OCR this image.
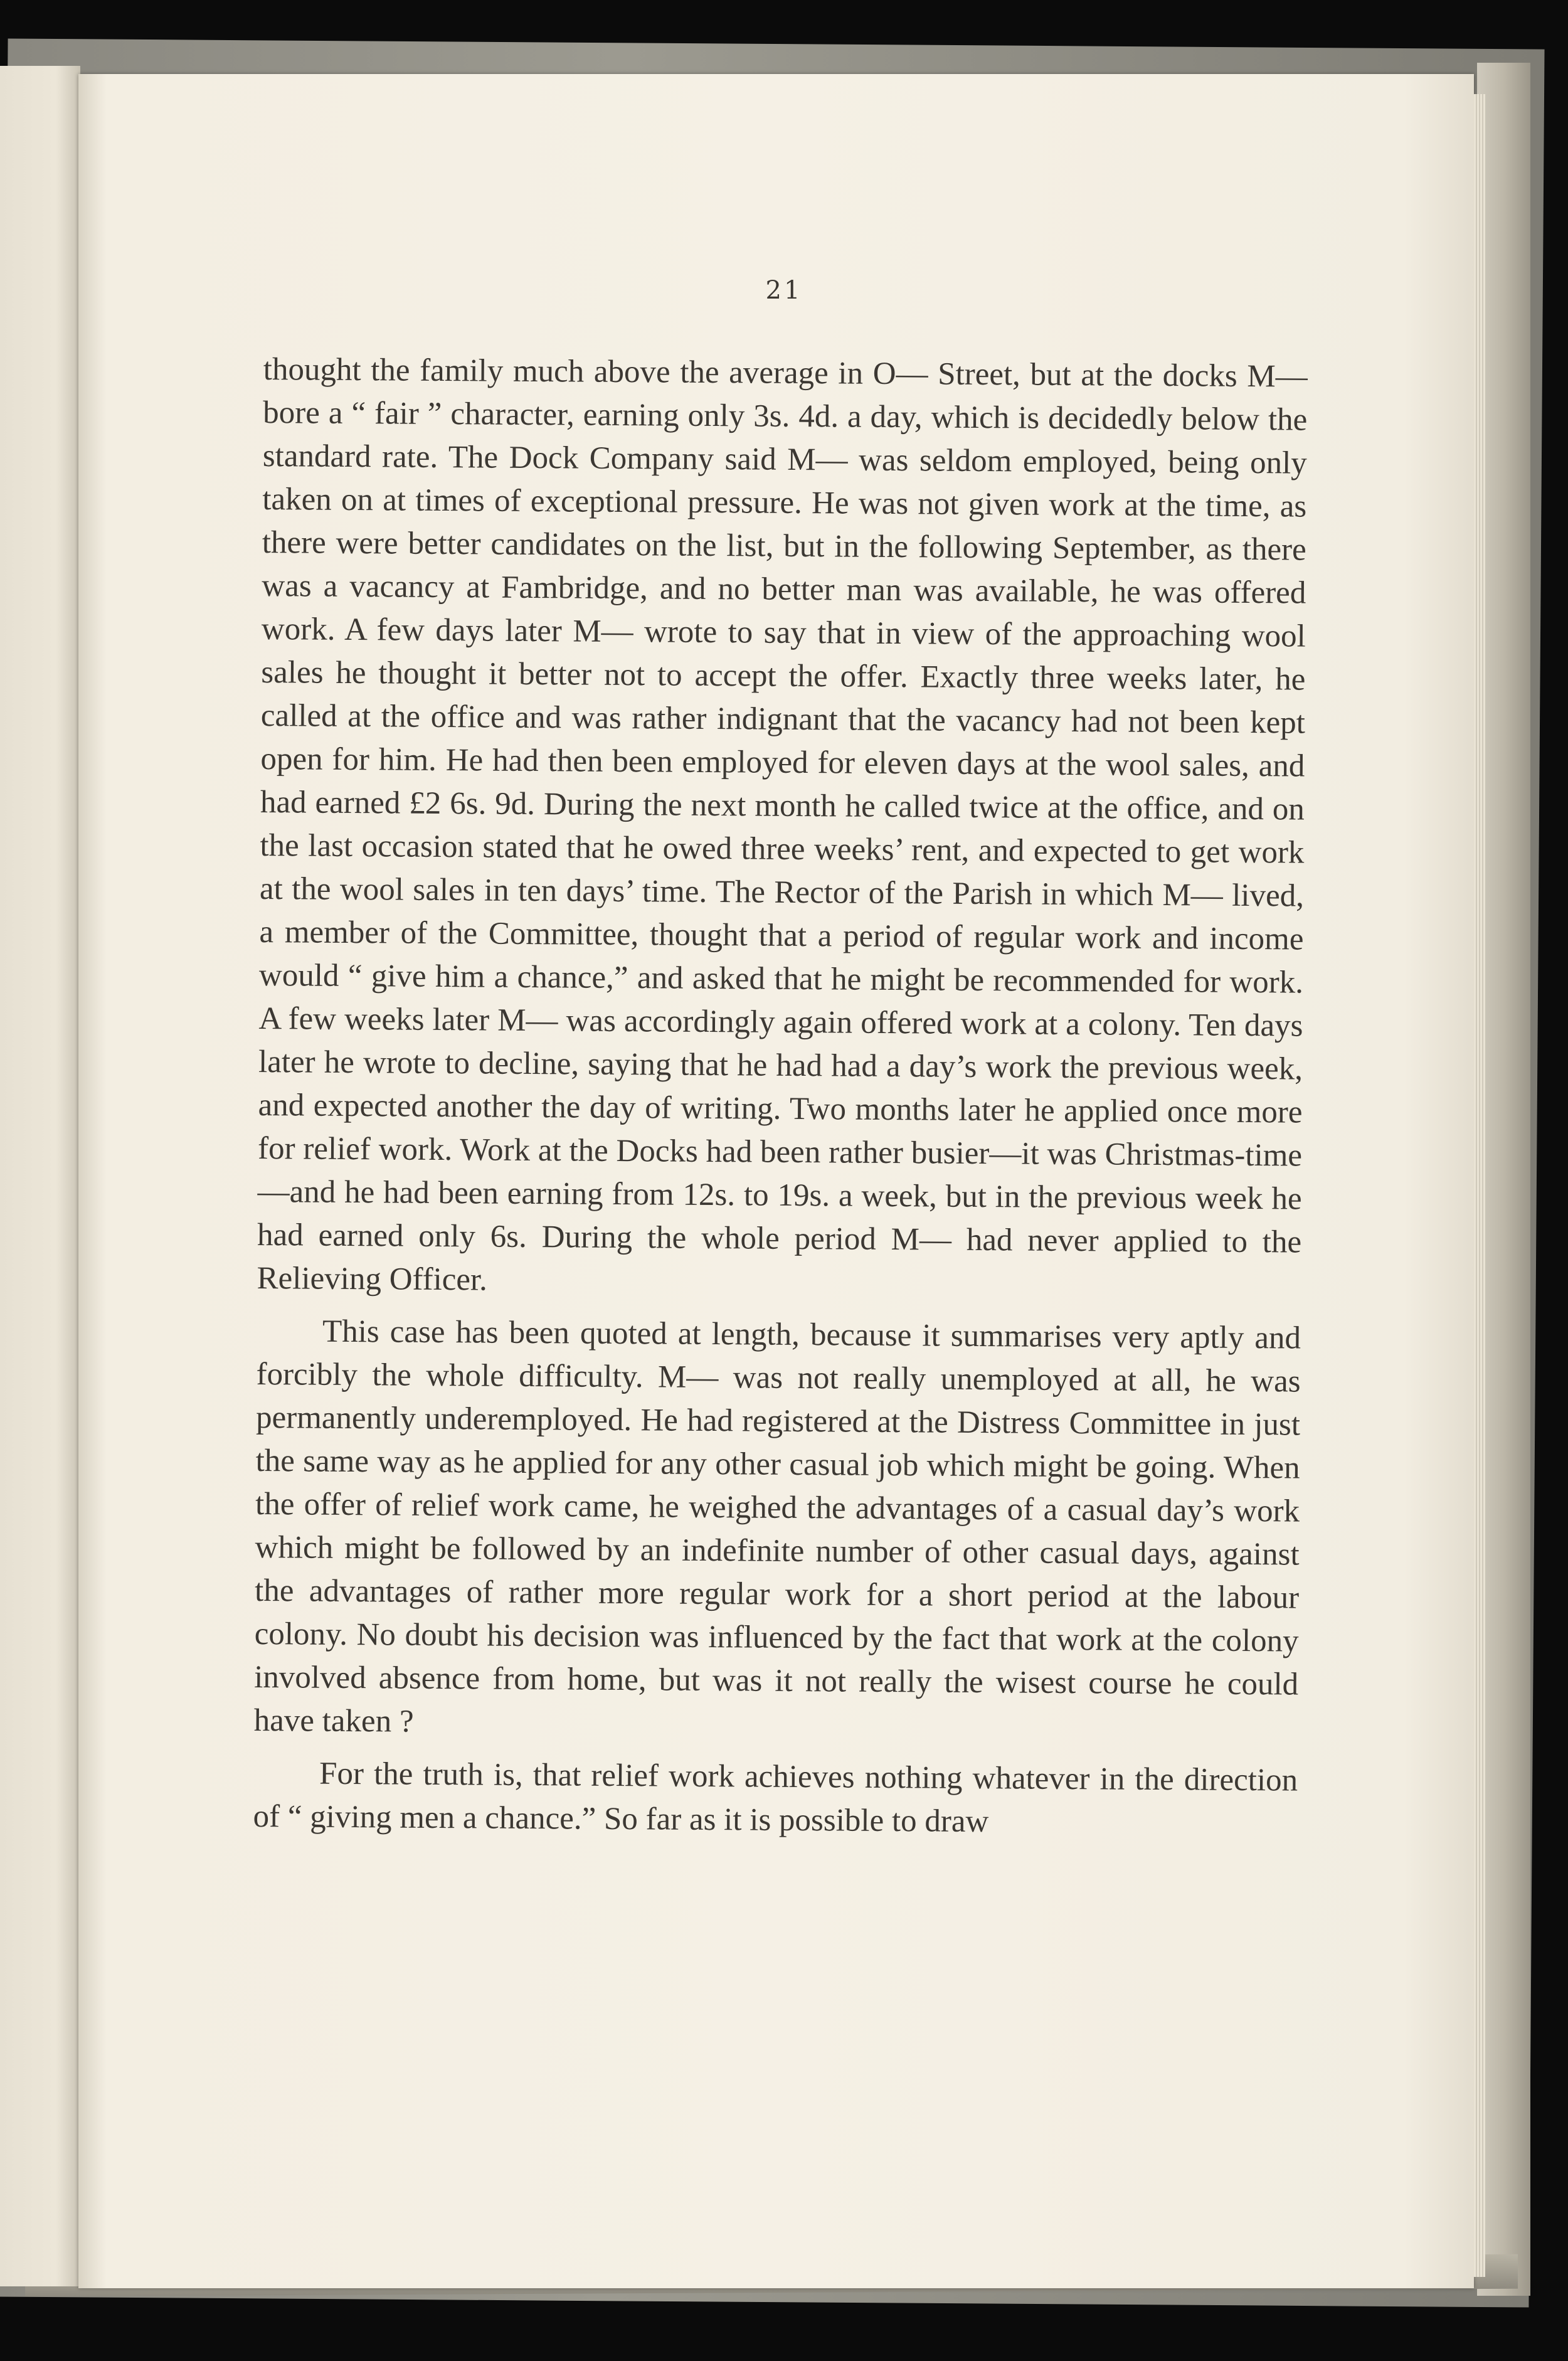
21

thought the family much above the average in O— Street, but at the docks M— bore a “ fair ” character, earning only 3s. 4d. a day, which is decidedly below the standard rate. The Dock Company said M— was seldom employed, being only taken on at times of exceptional pressure. He was not given work at the time, as there were better candidates on the list, but in the following September, as there was a vacancy at Fambridge, and no better man was available, he was offered work. A few days later M— wrote to say that in view of the approaching wool sales he thought it better not to accept the offer. Exactly three weeks later, he called at the office and was rather indignant that the vacancy had not been kept open for him. He had then been employed for eleven days at the wool sales, and had earned £2 6s. 9d. During the next month he called twice at the office, and on the last occasion stated that he owed three weeks’ rent, and expected to get work at the wool sales in ten days’ time. The Rector of the Parish in which M— lived, a member of the Committee, thought that a period of regular work and income would “ give him a chance,” and asked that he might be recommended for work. A few weeks later M— was accordingly again offered work at a colony. Ten days later he wrote to decline, saying that he had had a day’s work the previous week, and expected another the day of writing. Two months later he applied once more for relief work. Work at the Docks had been rather busier—it was Christmas-time—and he had been earning from 12s. to 19s. a week, but in the previous week he had earned only 6s. During the whole period M— had never applied to the Relieving Officer.

This case has been quoted at length, because it summarises very aptly and forcibly the whole difficulty. M— was not really unemployed at all, he was permanently underemployed. He had registered at the Distress Committee in just the same way as he applied for any other casual job which might be going. When the offer of relief work came, he weighed the advantages of a casual day’s work which might be followed by an indefinite number of other casual days, against the advantages of rather more regular work for a short period at the labour colony. No doubt his decision was influenced by the fact that work at the colony involved absence from home, but was it not really the wisest course he could have taken ?

For the truth is, that relief work achieves nothing whatever in the direction of “ giving men a chance.” So far as it is possible to draw
